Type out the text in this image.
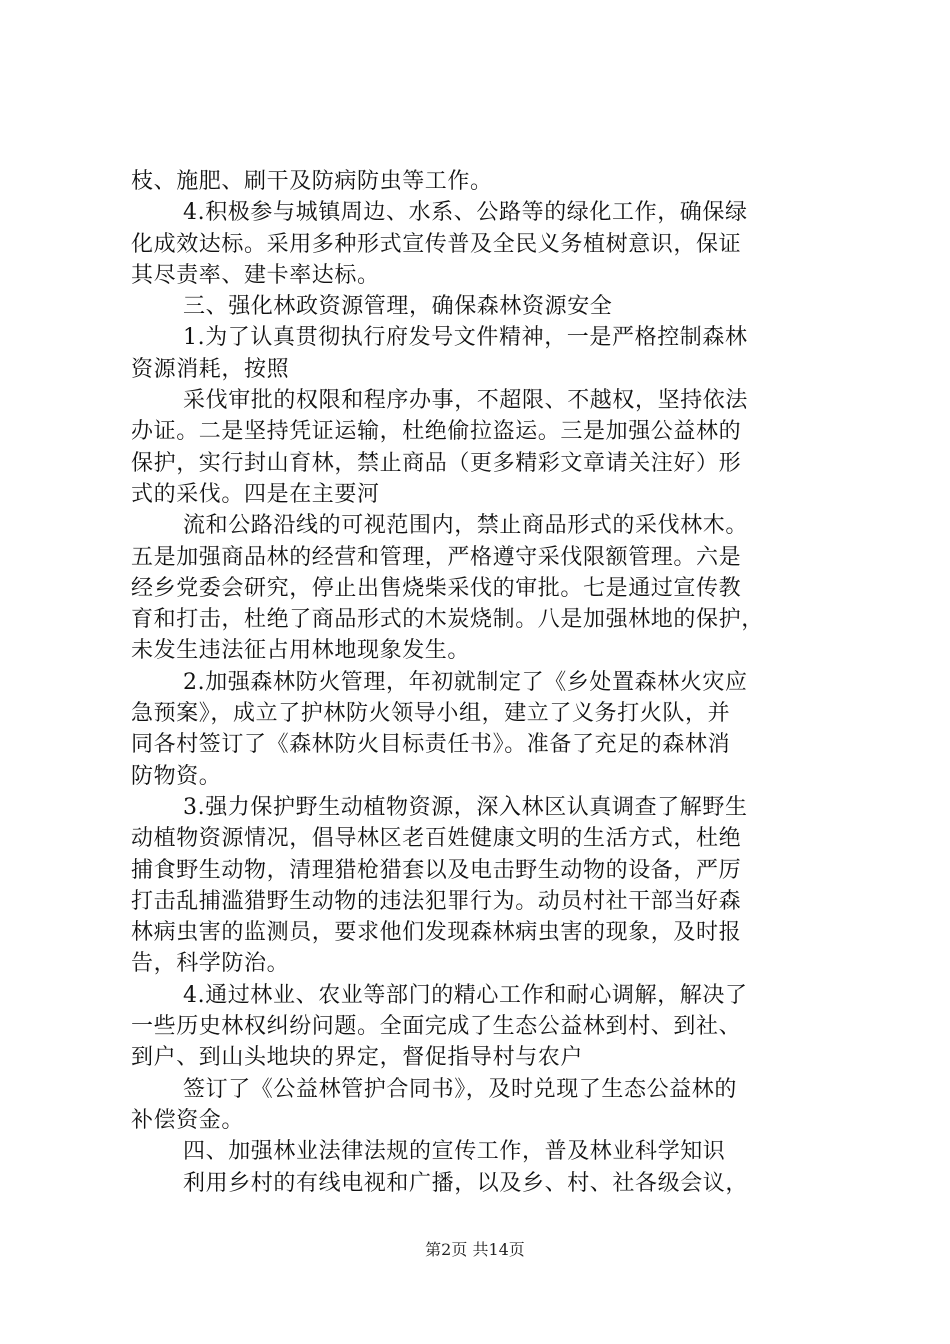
枝、施肥、刷干及防病防虫等工作。
4.积极参与城镇周边、水系、公路等的绿化工作，确保绿
化成效达标。采用多种形式宣传普及全民义务植树意识，保证
其尽责率、建卡率达标。
三、强化林政资源管理，确保森林资源安全
1.为了认真贯彻执行府发号文件精神，一是严格控制森林
资源消耗，按照
采伐审批的权限和程序办事，不超限、不越权，坚持依法
办证。二是坚持凭证运输，杜绝偷拉盗运。三是加强公益林的
保护，实行封山育林，禁止商品（更多精彩文章请关注好）形
式的采伐。四是在主要河
流和公路沿线的可视范围内，禁止商品形式的采伐林木。
五是加强商品林的经营和管理，严格遵守采伐限额管理。六是
经乡党委会研究，停止出售烧柴采伐的审批。七是通过宣传教
育和打击，杜绝了商品形式的木炭烧制。八是加强林地的保护，
未发生违法征占用林地现象发生。
2.加强森林防火管理，年初就制定了《乡处置森林火灾应
急预案》，成立了护林防火领导小组，建立了义务打火队，并
同各村签订了《森林防火目标责任书》。准备了充足的森林消
防物资。
3.强力保护野生动植物资源，深入林区认真调查了解野生
动植物资源情况，倡导林区老百姓健康文明的生活方式，杜绝
捕食野生动物，清理猎枪猎套以及电击野生动物的设备，严厉
打击乱捕滥猎野生动物的违法犯罪行为。动员村社干部当好森
林病虫害的监测员，要求他们发现森林病虫害的现象，及时报
告，科学防治。
4.通过林业、农业等部门的精心工作和耐心调解，解决了
一些历史林权纠纷问题。全面完成了生态公益林到村、到社、
到户、到山头地块的界定，督促指导村与农户
签订了《公益林管护合同书》，及时兑现了生态公益林的
补偿资金。
四、加强林业法律法规的宣传工作，普及林业科学知识
利用乡村的有线电视和广播，以及乡、村、社各级会议，
第2页 共14页
